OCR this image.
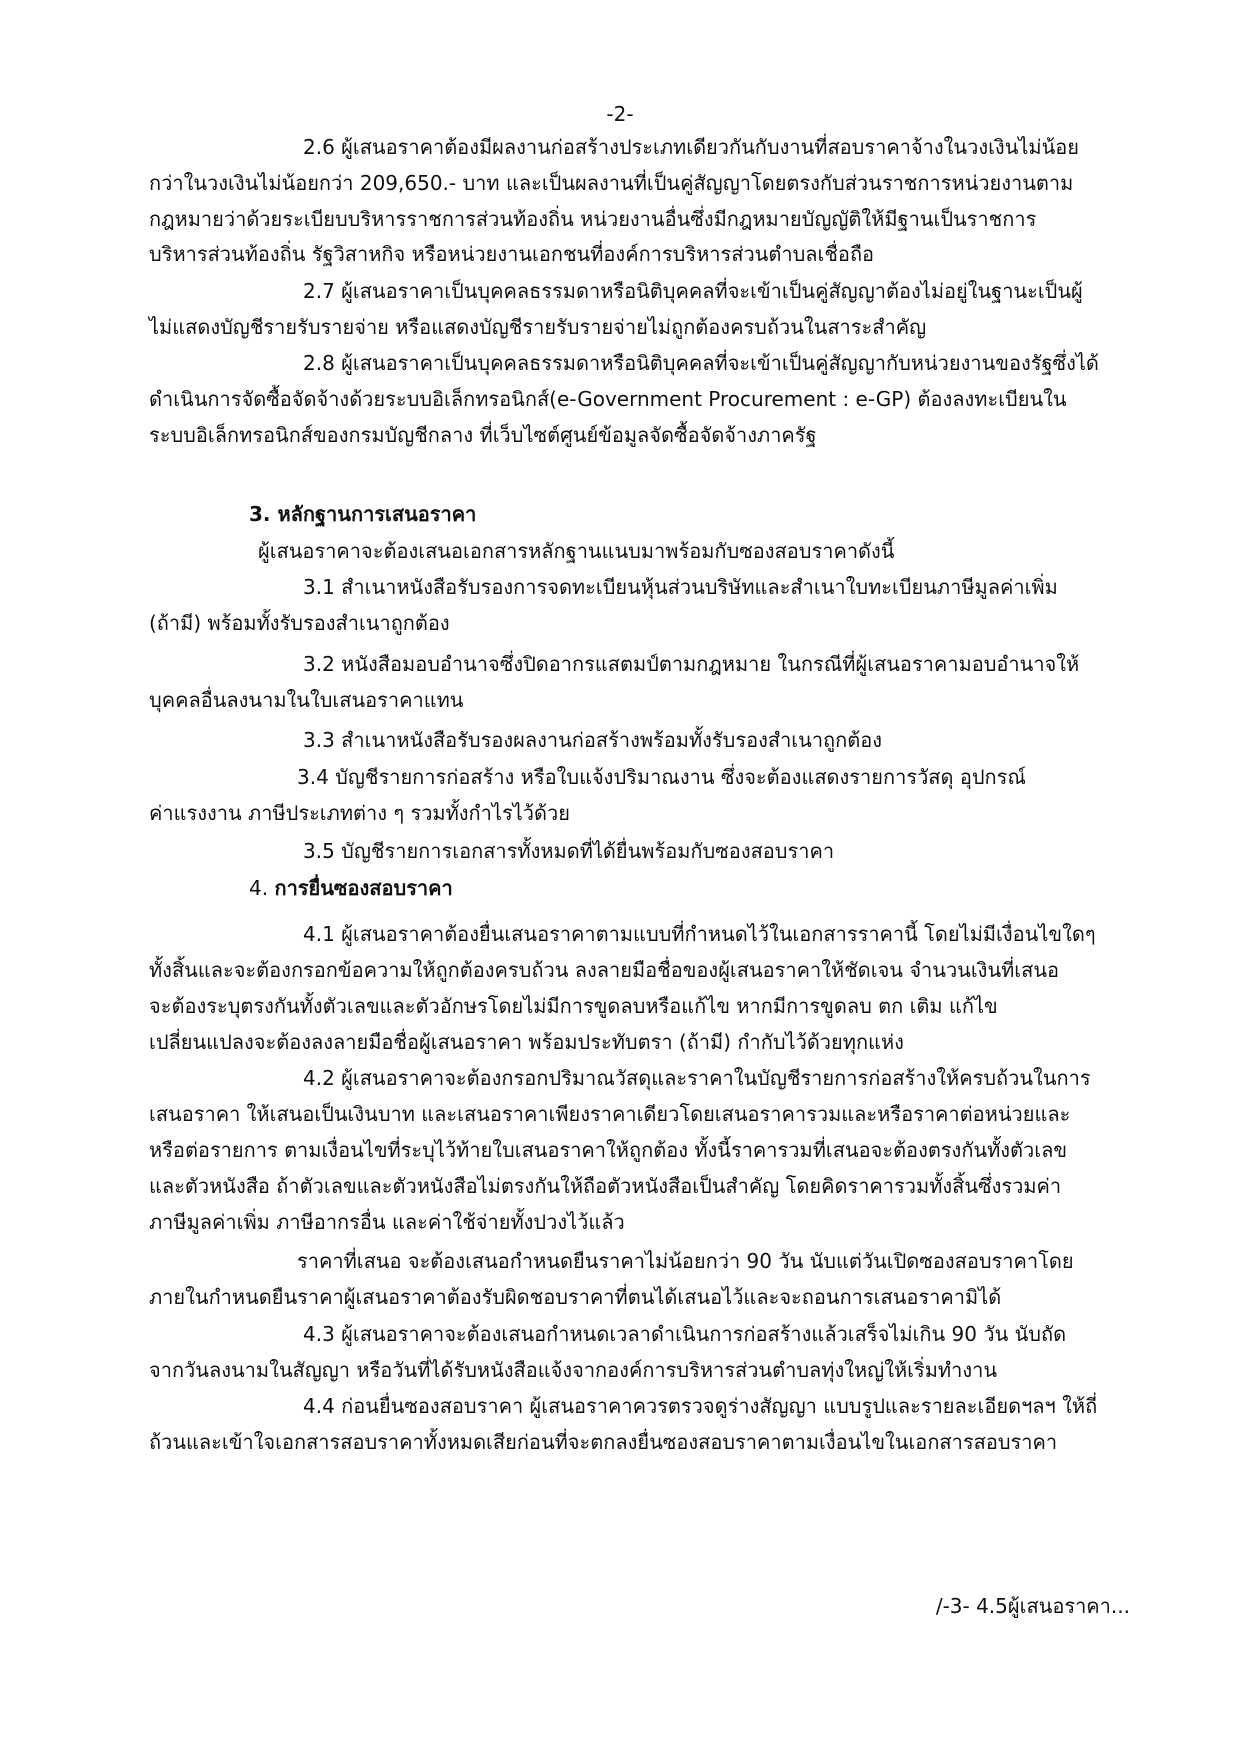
-2-
2.6 ผู้เสนอราคาต้องมีผลงานก่อสร้างประเภทเดียวกันกับงานที่สอบราคาจ้างในวงเงินไม่น้อย
กว่าในวงเงินไม่น้อยกว่า 209,650.- บาท และเป็นผลงานที่เป็นคู่สัญญาโดยตรงกับส่วนราชการหน่วยงานตาม
กฎหมายว่าด้วยระเบียบบริหารราชการส่วนท้องถิ่น หน่วยงานอื่นซึ่งมีกฎหมายบัญญัติให้มีฐานเป็นราชการ
บริหารส่วนท้องถิ่น รัฐวิสาหกิจ หรือหน่วยงานเอกชนที่องค์การบริหารส่วนตำบลเชื่อถือ
2.7 ผู้เสนอราคาเป็นบุคคลธรรมดาหรือนิติบุคคลที่จะเข้าเป็นคู่สัญญาต้องไม่อยู่ในฐานะเป็นผู้
ไม่แสดงบัญชีรายรับรายจ่าย หรือแสดงบัญชีรายรับรายจ่ายไม่ถูกต้องครบถ้วนในสาระสำคัญ
2.8 ผู้เสนอราคาเป็นบุคคลธรรมดาหรือนิติบุคคลที่จะเข้าเป็นคู่สัญญากับหน่วยงานของรัฐซึ่งได้
ดำเนินการจัดซื้อจัดจ้างด้วยระบบอิเล็กทรอนิกส์(e-Government Procurement : e-GP) ต้องลงทะเบียนใน
ระบบอิเล็กทรอนิกส์ของกรมบัญชีกลาง ที่เว็บไซต์ศูนย์ข้อมูลจัดซื้อจัดจ้างภาครัฐ
3. หลักฐานการเสนอราคา
ผู้เสนอราคาจะต้องเสนอเอกสารหลักฐานแนบมาพร้อมกับซองสอบราคาดังนี้
3.1 สำเนาหนังสือรับรองการจดทะเบียนหุ้นส่วนบริษัทและสำเนาใบทะเบียนภาษีมูลค่าเพิ่ม
(ถ้ามี) พร้อมทั้งรับรองสำเนาถูกต้อง
3.2 หนังสือมอบอำนาจซึ่งปิดอากรแสตมป์ตามกฎหมาย ในกรณีที่ผู้เสนอราคามอบอำนาจให้
บุคคลอื่นลงนามในใบเสนอราคาแทน
3.3 สำเนาหนังสือรับรองผลงานก่อสร้างพร้อมทั้งรับรองสำเนาถูกต้อง
3.4 บัญชีรายการก่อสร้าง หรือใบแจ้งปริมาณงาน ซึ่งจะต้องแสดงรายการวัสดุ อุปกรณ์
ค่าแรงงาน ภาษีประเภทต่าง ๆ รวมทั้งกำไรไว้ด้วย
3.5 บัญชีรายการเอกสารทั้งหมดที่ได้ยื่นพร้อมกับซองสอบราคา
4. การยื่นซองสอบราคา
4.1 ผู้เสนอราคาต้องยื่นเสนอราคาตามแบบที่กำหนดไว้ในเอกสารราคานี้ โดยไม่มีเงื่อนไขใดๆ
ทั้งสิ้นและจะต้องกรอกข้อความให้ถูกต้องครบถ้วน ลงลายมือชื่อของผู้เสนอราคาให้ชัดเจน จำนวนเงินที่เสนอ
จะต้องระบุตรงกันทั้งตัวเลขและตัวอักษรโดยไม่มีการขูดลบหรือแก้ไข หากมีการขูดลบ ตก เติม แก้ไข
เปลี่ยนแปลงจะต้องลงลายมือชื่อผู้เสนอราคา พร้อมประทับตรา (ถ้ามี) กำกับไว้ด้วยทุกแห่ง
4.2 ผู้เสนอราคาจะต้องกรอกปริมาณวัสดุและราคาในบัญชีรายการก่อสร้างให้ครบถ้วนในการ
เสนอราคา ให้เสนอเป็นเงินบาท และเสนอราคาเพียงราคาเดียวโดยเสนอราคารวมและหรือราคาต่อหน่วยและ
หรือต่อรายการ ตามเงื่อนไขที่ระบุไว้ท้ายใบเสนอราคาให้ถูกต้อง ทั้งนี้ราคารวมที่เสนอจะต้องตรงกันทั้งตัวเลข
และตัวหนังสือ ถ้าตัวเลขและตัวหนังสือไม่ตรงกันให้ถือตัวหนังสือเป็นสำคัญ โดยคิดราคารวมทั้งสิ้นซึ่งรวมค่า
ภาษีมูลค่าเพิ่ม ภาษีอากรอื่น และค่าใช้จ่ายทั้งปวงไว้แล้ว
ราคาที่เสนอ จะต้องเสนอกำหนดยืนราคาไม่น้อยกว่า 90 วัน นับแต่วันเปิดซองสอบราคาโดย
ภายในกำหนดยืนราคาผู้เสนอราคาต้องรับผิดชอบราคาที่ตนได้เสนอไว้และจะถอนการเสนอราคามิได้
4.3 ผู้เสนอราคาจะต้องเสนอกำหนดเวลาดำเนินการก่อสร้างแล้วเสร็จไม่เกิน 90 วัน นับถัด
จากวันลงนามในสัญญา หรือวันที่ได้รับหนังสือแจ้งจากองค์การบริหารส่วนตำบลทุ่งใหญ่ให้เริ่มทำงาน
4.4 ก่อนยื่นซองสอบราคา ผู้เสนอราคาควรตรวจดูร่างสัญญา แบบรูปและรายละเอียดฯลฯ ให้ถี่
ถ้วนและเข้าใจเอกสารสอบราคาทั้งหมดเสียก่อนที่จะตกลงยื่นซองสอบราคาตามเงื่อนไขในเอกสารสอบราคา
/-3- 4.5ผู้เสนอราคา...
